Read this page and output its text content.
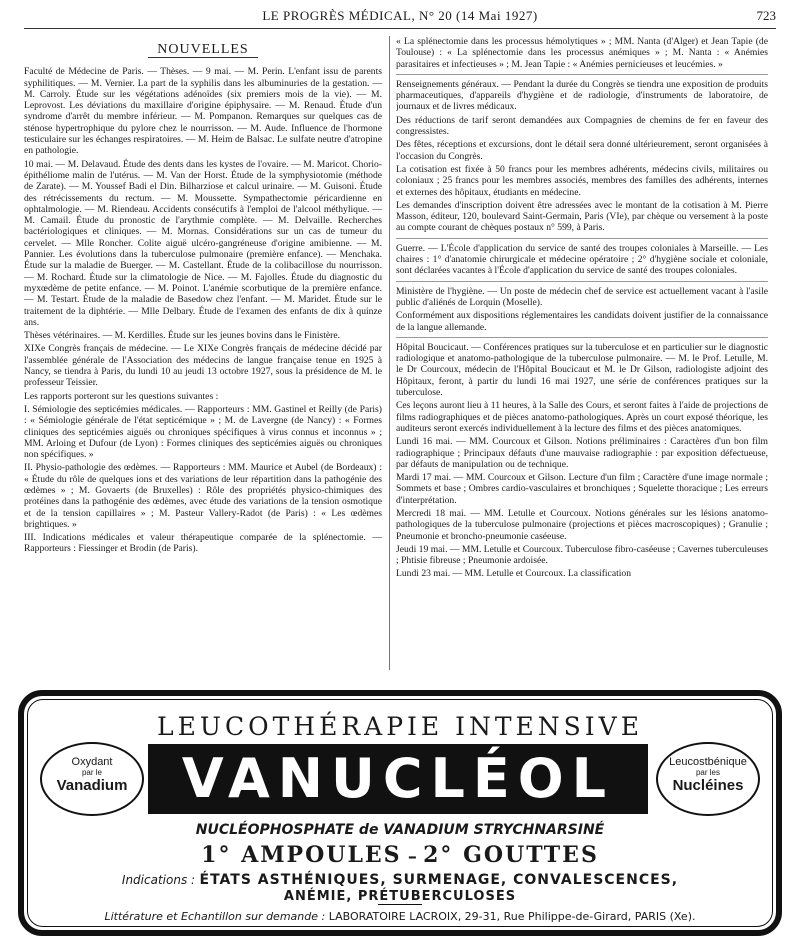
LE PROGRÈS MÉDICAL, N° 20 (14 Mai 1927)	723
NOUVELLES

Faculté de Médecine de Paris. — Thèses. — 9 mai. — M. Perin. L'enfant issu de parents syphilitiques. — M. Vernier. La part de la syphilis dans les albuminuries de la gestation. — M. Carroly. Étude sur les végétations adénoïdes (six premiers mois de la vie). — M. Leprovost. Les déviations du maxillaire d'origine épiphysaire. — M. Renaud. Étude d'un syndrome d'arrêt du membre inférieur. — M. Pompanon. Remarques sur quelques cas de sténose hypertrophique du pylore chez le nourrisson. — M. Aude. Influence de l'hormone testiculaire sur les échanges respiratoires. — M. Heim de Balsac. Le sulfate neutre d'atropine en pathologie.

10 mai. — M. Delavaud. Étude des dents dans les kystes de l'ovaire. — M. Maricot. Chorio-épithéliome malin de l'utérus. — M. Van der Horst. Étude de la symphysiotomie (méthode de Zarate). — M. Youssef Badi el Din. Bilharziose et calcul urinaire. — M. Guisoni. Étude des rétrécissements du rectum. — M. Moussette. Sympathectomie péricardienne en ophtalmologie. — M. Riendeau. Accidents consécutifs à l'emploi de l'alcool méthylique. — M. Camail. Étude du pronostic de l'arythmie complète. — M. Delvaille. Recherches bactériologiques et cliniques. — M. Mornas. Considérations sur un cas de tumeur du cervelet. — Mlle Roncher. Colite aiguë ulcéro-gangréneuse d'origine amibienne. — M. Pannier. Les évolutions dans la tuberculose pulmonaire (première enfance). — Menchaka. Étude sur la maladie de Buerger. — M. Castellant. Étude de la colibacillose du nourrisson. — M. Rochard. Étude sur la climatologie de Nice. — M. Fajolles. Étude du diagnostic du myxœdème de petite enfance. — M. Poinot. L'anémie scorbutique de la première enfance. — M. Testart. Étude de la maladie de Basedow chez l'enfant. — M. Maridet. Étude sur le traitement de la diphtérie. — Mlle Delbary. Étude de l'examen des enfants de dix à quinze ans.

Thèses vétérinaires. — M. Kerdilles. Étude sur les jeunes bovins dans le Finistère.

XIXe Congrès français de médecine. — Le XIXe Congrès français de médecine décidé par l'assemblée générale de l'Association des médecins de langue française tenue en 1925 à Nancy, se tiendra à Paris, du lundi 10 au jeudi 13 octobre 1927, sous la présidence de M. le professeur Teissier.

Les rapports porteront sur les questions suivantes :

I. Sémiologie des septicémies médicales. — Rapporteurs : MM. Gastinel et Reilly (de Paris) : « Sémiologie générale de l'état septicémique » ; M. de Lavergne (de Nancy) : « Formes cliniques des septicémies aiguës ou chroniques spécifiques à virus connus et inconnus » ; MM. Arloing et Dufour (de Lyon) : Formes cliniques des septicémies aiguës ou chroniques non spécifiques. »

II. Physio-pathologie des œdèmes. — Rapporteurs : MM. Maurice et Aubel (de Bordeaux) : « Étude du rôle de quelques ions et des variations de leur répartition dans la pathogénie des œdèmes » ; M. Govaerts (de Bruxelles) : Rôle des propriétés physico-chimiques des protéines dans la pathogénie des œdèmes, avec étude des variations de la tension osmotique et de la tension capillaires » ; M. Pasteur Vallery-Radot (de Paris) : « Les œdèmes brightiques. »

III. Indications médicales et valeur thérapeutique comparée de la splénectomie. — Rapporteurs : Fiessinger et Brodin (de Paris).

« La splénectomie dans les processus hémolytiques » ; MM. Nanta (d'Alger) et Jean Tapie (de Toulouse) : « La splénectomie dans les processus anémiques » ; M. Nanta : « Anémies parasitaires et infectieuses » ; M. Jean Tapie : « Anémies pernicieuses et leucémies. »

Renseignements généraux. — Pendant la durée du Congrès se tiendra une exposition de produits pharmaceutiques, d'appareils d'hygiène et de radiologie, d'instruments de laboratoire, de journaux et de livres médicaux.

Des réductions de tarif seront demandées aux Compagnies de chemins de fer en faveur des congressistes.

Des fêtes, réceptions et excursions, dont le détail sera donné ultérieurement, seront organisées à l'occasion du Congrès.

La cotisation est fixée à 50 francs pour les membres adhérents, médecins civils, militaires ou coloniaux ; 25 francs pour les membres associés, membres des familles des adhérents, internes et externes des hôpitaux, étudiants en médecine.

Les demandes d'inscription doivent être adressées avec le montant de la cotisation à M. Pierre Masson, éditeur, 120, boulevard Saint-Germain, Paris (VIe), par chèque ou versement à la poste au compte courant de chèques postaux n° 599, à Paris.

Guerre. — L'École d'application du service de santé des troupes coloniales à Marseille. — Les chaires : 1° d'anatomie chirurgicale et médecine opératoire ; 2° d'hygiène sociale et coloniale, sont déclarées vacantes à l'École d'application du service de santé des troupes coloniales.

Ministère de l'hygiène. — Un poste de médecin chef de service est actuellement vacant à l'asile public d'aliénés de Lorquin (Moselle).

Conformément aux dispositions réglementaires les candidats doivent justifier de la connaissance de la langue allemande.

Hôpital Boucicaut. — Conférences pratiques sur la tuberculose et en particulier sur le diagnostic radiologique et anatomo-pathologique de la tuberculose pulmonaire. — M. le Prof. Letulle, M. le Dr Courcoux, médecin de l'Hôpital Boucicaut et M. le Dr Gilson, radiologiste adjoint des Hôpitaux, feront, à partir du lundi 16 mai 1927, une série de conférences pratiques sur la tuberculose.

Ces leçons auront lieu à 11 heures, à la Salle des Cours, et seront faites à l'aide de projections de films radiographiques et de pièces anatomo-pathologiques. Après un court exposé théorique, les auditeurs seront exercés individuellement à la lecture des films et des pièces anatomiques.

Lundi 16 mai. — MM. Courcoux et Gilson. Notions préliminaires : Caractères d'un bon film radiographique ; Principaux défauts d'une mauvaise radiographie : par exposition défectueuse, par défauts de manipulation ou de technique.

Mardi 17 mai. — MM. Courcoux et Gilson. Lecture d'un film ; Caractère d'une image normale ; Sommets et base ; Ombres cardio-vasculaires et bronchiques ; Squelette thoracique ; Les erreurs d'interprétation.

Mercredi 18 mai. — MM. Letulle et Courcoux. Notions générales sur les lésions anatomo-pathologiques de la tuberculose pulmonaire (projections et pièces macroscopiques) ; Granulie ; Pneumonie et broncho-pneumonie caséeuse.

Jeudi 19 mai. — MM. Letulle et Courcoux. Tuberculose fibro-caséeuse ; Cavernes tuberculeuses ; Phtisie fibreuse ; Pneumonie ardoisée.

Lundi 23 mai. — MM. Letulle et Courcoux. La classification

LEUCOTHÉRAPIE INTENSIVE
Oxydant
par le
Vanadium	VANUCLÉOL	Leucostbénique
par les
Nucléines
NUCLÉOPHOSPHATE de VANADIUM STRYCHNARSINÉ
1° AMPOULES – 2° GOUTTES
Indications : ÉTATS ASTHÉNIQUES, SURMENAGE, CONVALESCENCES,
ANÉMIE, PRÉTUBERCULOSES
Littérature et Echantillon sur demande : LABORATOIRE LACROIX, 29-31, Rue Philippe-de-Girard, PARIS (Xe).
